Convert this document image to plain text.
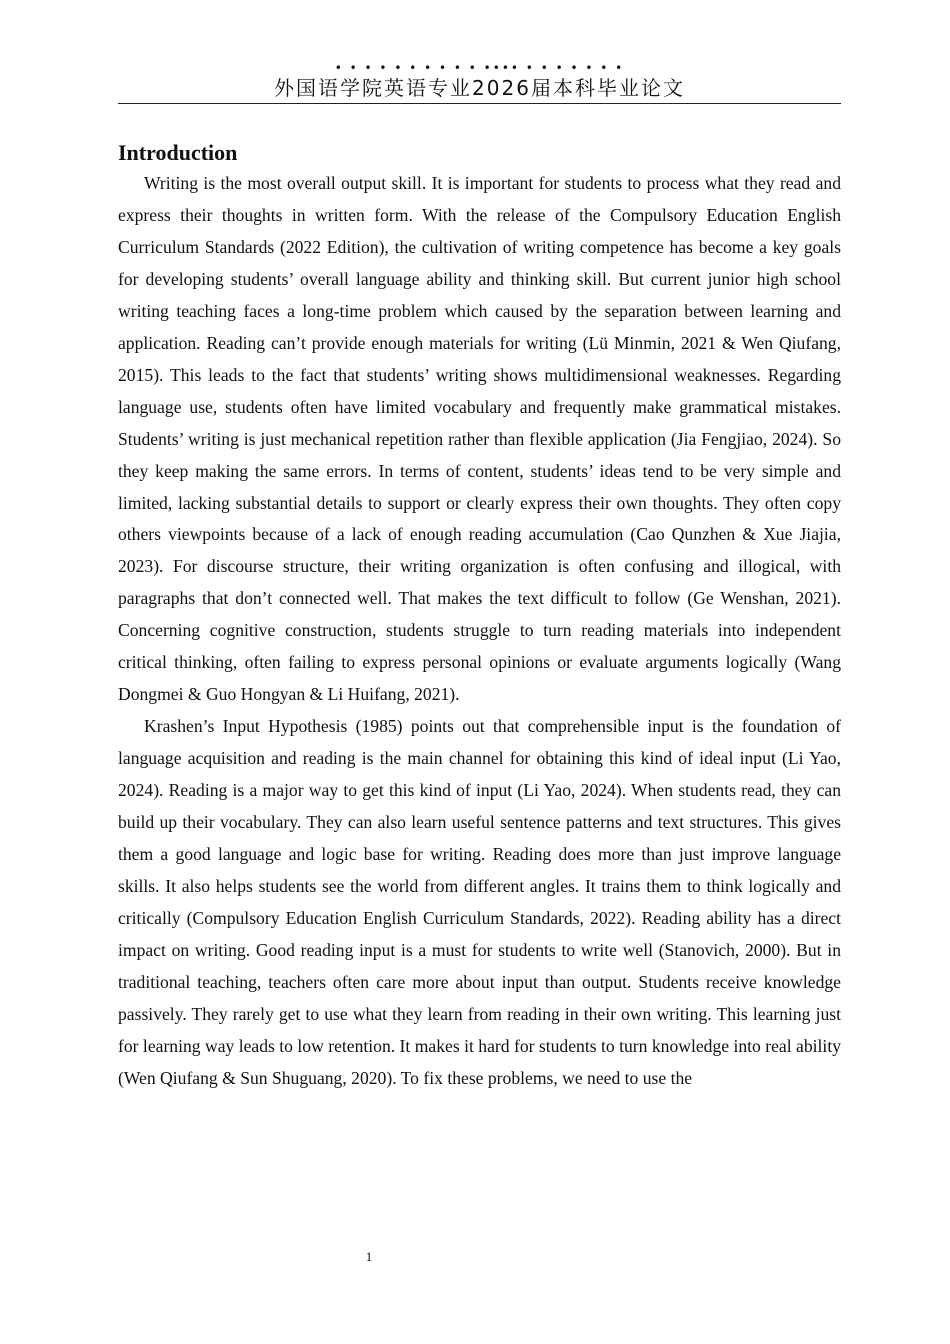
• • • • • • • • • • •••• • • • • • • •
外国语学院英语专业2026届本科毕业论文
Introduction

Writing is the most overall output skill. It is important for students to process what they read and express their thoughts in written form. With the release of the Compulsory Education English Curriculum Standards (2022 Edition), the cultivation of writing competence has become a key goals for developing students’ overall language ability and thinking skill. But current junior high school writing teaching faces a long-time problem which caused by the separation between learning and application. Reading can’t provide enough materials for writing (Lü Minmin, 2021 & Wen Qiufang, 2015). This leads to the fact that students’ writing shows multidimensional weaknesses. Regarding language use, students often have limited vocabulary and frequently make grammatical mistakes. Students’ writing is just mechanical repetition rather than flexible application (Jia Fengjiao, 2024). So they keep making the same errors. In terms of content, students’ ideas tend to be very simple and limited, lacking substantial details to support or clearly express their own thoughts. They often copy others viewpoints because of a lack of enough reading accumulation (Cao Qunzhen & Xue Jiajia, 2023). For discourse structure, their writing organization is often confusing and illogical, with paragraphs that don’t connected well. That makes the text difficult to follow (Ge Wenshan, 2021). Concerning cognitive construction, students struggle to turn reading materials into independent critical thinking, often failing to express personal opinions or evaluate arguments logically (Wang Dongmei & Guo Hongyan & Li Huifang, 2021).

Krashen’s Input Hypothesis (1985) points out that comprehensible input is the foundation of language acquisition and reading is the main channel for obtaining this kind of ideal input (Li Yao, 2024). Reading is a major way to get this kind of input (Li Yao, 2024). When students read, they can build up their vocabulary. They can also learn useful sentence patterns and text structures. This gives them a good language and logic base for writing. Reading does more than just improve language skills. It also helps students see the world from different angles. It trains them to think logically and critically (Compulsory Education English Curriculum Standards, 2022). Reading ability has a direct impact on writing. Good reading input is a must for students to write well (Stanovich, 2000). But in traditional teaching, teachers often care more about input than output. Students receive knowledge passively. They rarely get to use what they learn from reading in their own writing. This learning just for learning way leads to low retention. It makes it hard for students to turn knowledge into real ability (Wen Qiufang & Sun Shuguang, 2020). To fix these problems, we need to use the

1
